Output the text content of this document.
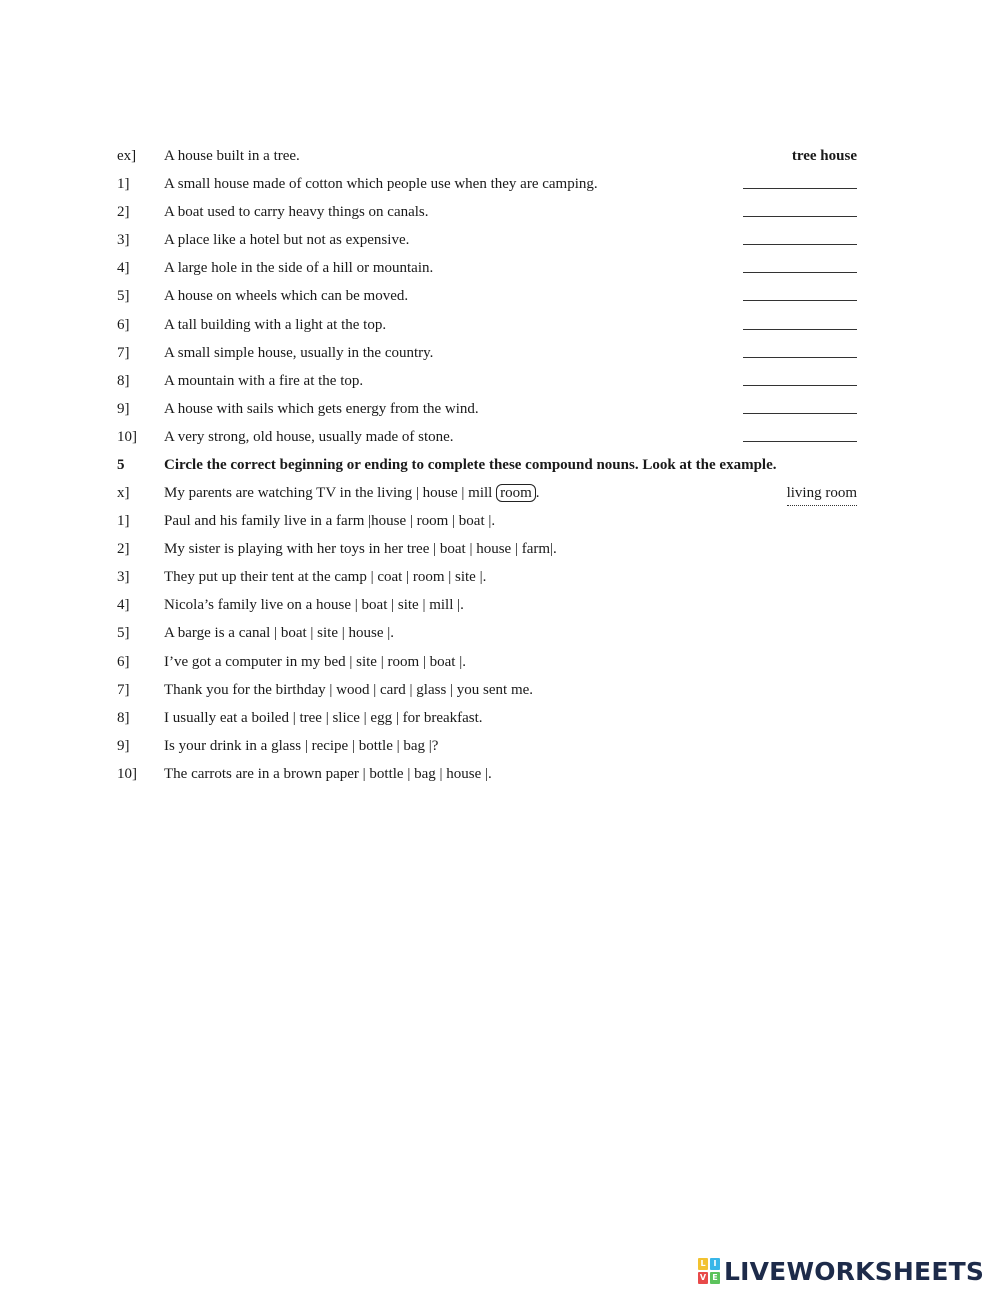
ex] A house built in a tree.	tree house
1] A small house made of cotton which people use when they are camping.
2] A boat used to carry heavy things on canals.
3] A place like a hotel but not as expensive.
4] A large hole in the side of a hill or mountain.
5] A house on wheels which can be moved.
6] A tall building with a light at the top.
7] A small simple house, usually in the country.
8] A mountain with a fire at the top.
9] A house with sails which gets energy from the wind.
10] A very strong, old house, usually made of stone.
5	Circle the correct beginning or ending to complete these compound nouns. Look at the example.
x] My parents are watching TV in the living | house | mill room .	living room
1] Paul and his family live in a farm |house | room | boat |.
2] My sister is playing with her toys in her tree | boat | house | farm|.
3] They put up their tent at the camp | coat | room | site |.
4] Nicola’s family live on a house | boat | site | mill |.
5] A barge is a canal | boat | site | house |.
6] I’ve got a computer in my bed | site | room | boat |.
7] Thank you for the birthday | wood | card | glass | you sent me.
8] I usually eat a boiled | tree | slice | egg | for breakfast.
9] Is your drink in a glass | recipe | bottle | bag |?
10] The carrots are in a brown paper | bottle | bag | house |.
L I
V E LIVEWORKSHEETS
